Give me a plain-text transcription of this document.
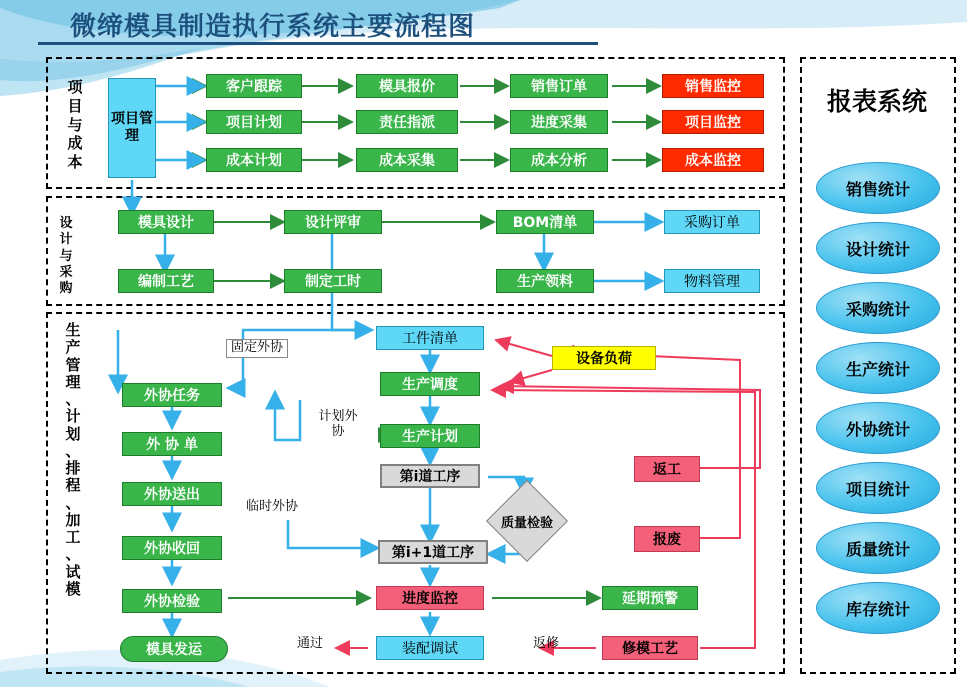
微缔模具制造执行系统主要流程图
项
目
与
成
本
设
计
与
采
购
生
产
管
理
、
计
划
、
排
程
、
加
工
、
试
模
报表系统
项目管理
客户跟踪	模具报价	销售订单	销售监控
项目计划	责任指派	进度采集	项目监控
成本计划	成本采集	成本分析	成本监控
模具设计	设计评审	BOM清单	采购订单
编制工艺	制定工时	生产领料	物料管理
工件清单
设备负荷
生产调度
生产计划
第i道工序
第i+1道工序
质量检验
返工
报废
外协任务
外 协 单
外协送出
外协收回
外协检验
模具发运
进度监控	延期预警
装配调试	修模工艺
固定外协
计划外协
临时外协
通过	返修
销售统计
设计统计
采购统计
生产统计
外协统计
项目统计
质量统计
库存统计
